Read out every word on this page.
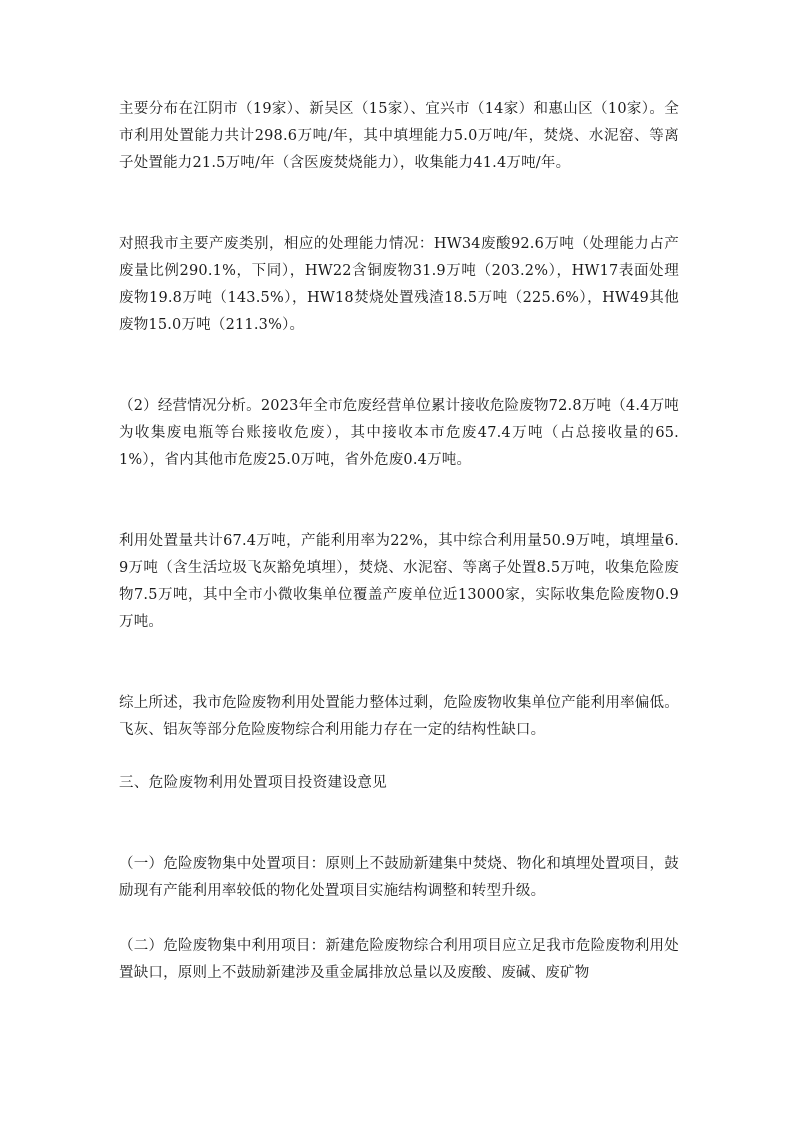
主要分布在江阴市（19家）、新吴区（15家）、宜兴市（14家）和惠山区（10家）。全市利用处置能力共计298.6万吨/年，其中填埋能力5.0万吨/年，焚烧、水泥窑、等离子处置能力21.5万吨/年（含医废焚烧能力），收集能力41.4万吨/年。

对照我市主要产废类别，相应的处理能力情况：HW34废酸92.6万吨（处理能力占产废量比例290.1%，下同），HW22含铜废物31.9万吨（203.2%），HW17表面处理废物19.8万吨（143.5%），HW18焚烧处置残渣18.5万吨（225.6%），HW49其他废物15.0万吨（211.3%）。

（2）经营情况分析。2023年全市危废经营单位累计接收危险废物72.8万吨（4.4万吨为收集废电瓶等台账接收危废），其中接收本市危废47.4万吨（占总接收量的65.1%），省内其他市危废25.0万吨，省外危废0.4万吨。

利用处置量共计67.4万吨，产能利用率为22%，其中综合利用量50.9万吨，填埋量6.9万吨（含生活垃圾飞灰豁免填埋），焚烧、水泥窑、等离子处置8.5万吨，收集危险废物7.5万吨，其中全市小微收集单位覆盖产废单位近13000家，实际收集危险废物0.9万吨。

综上所述，我市危险废物利用处置能力整体过剩，危险废物收集单位产能利用率偏低。飞灰、铝灰等部分危险废物综合利用能力存在一定的结构性缺口。

三、危险废物利用处置项目投资建设意见

（一）危险废物集中处置项目：原则上不鼓励新建集中焚烧、物化和填埋处置项目，鼓励现有产能利用率较低的物化处置项目实施结构调整和转型升级。

（二）危险废物集中利用项目：新建危险废物综合利用项目应立足我市危险废物利用处置缺口，原则上不鼓励新建涉及重金属排放总量以及废酸、废碱、废矿物
